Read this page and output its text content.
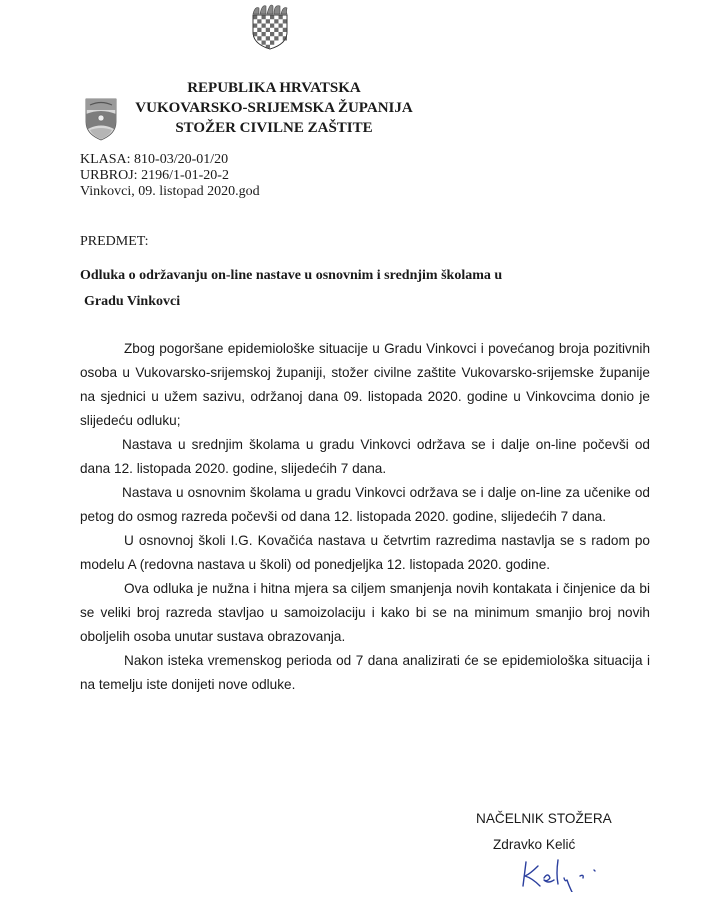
REPUBLIKA HRVATSKA
VUKOVARSKO-SRIJEMSKA ŽUPANIJA
STOŽER CIVILNE ZAŠTITE
KLASA: 810-03/20-01/20
URBROJ: 2196/1-01-20-2
Vinkovci, 09. listopad 2020.god
PREDMET:
Odluka o održavanju on-line nastave u osnovnim i srednjim školama u
Gradu Vinkovci

Zbog pogoršane epidemiološke situacije u Gradu Vinkovci i povećanog broja pozitivnih osoba u Vukovarsko-srijemskoj županiji, stožer civilne zaštite Vukovarsko-srijemske županije na sjednici u užem sazivu, održanoj dana 09. listopada 2020. godine u Vinkovcima donio je slijedeću odluku;

Nastava u srednjim školama u gradu Vinkovci održava se i dalje on-line počevši od dana 12. listopada 2020. godine, slijedećih 7 dana.

Nastava u osnovnim školama u gradu Vinkovci održava se i dalje on-line za učenike od petog do osmog razreda počevši od dana 12. listopada 2020. godine, slijedećih 7 dana.

U osnovnoj školi I.G. Kovačića nastava u četvrtim razredima nastavlja se s radom po modelu A (redovna nastava u školi) od ponedjeljka 12. listopada 2020. godine.

Ova odluka je nužna i hitna mjera sa ciljem smanjenja novih kontakata i činjenice da bi se veliki broj razreda stavljao u samoizolaciju i kako bi se na minimum smanjio broj novih oboljelih osoba unutar sustava obrazovanja.

Nakon isteka vremenskog perioda od 7 dana analizirati će se epidemiološka situacija i na temelju iste donijeti nove odluke.

NAČELNIK STOŽERA
Zdravko Kelić
